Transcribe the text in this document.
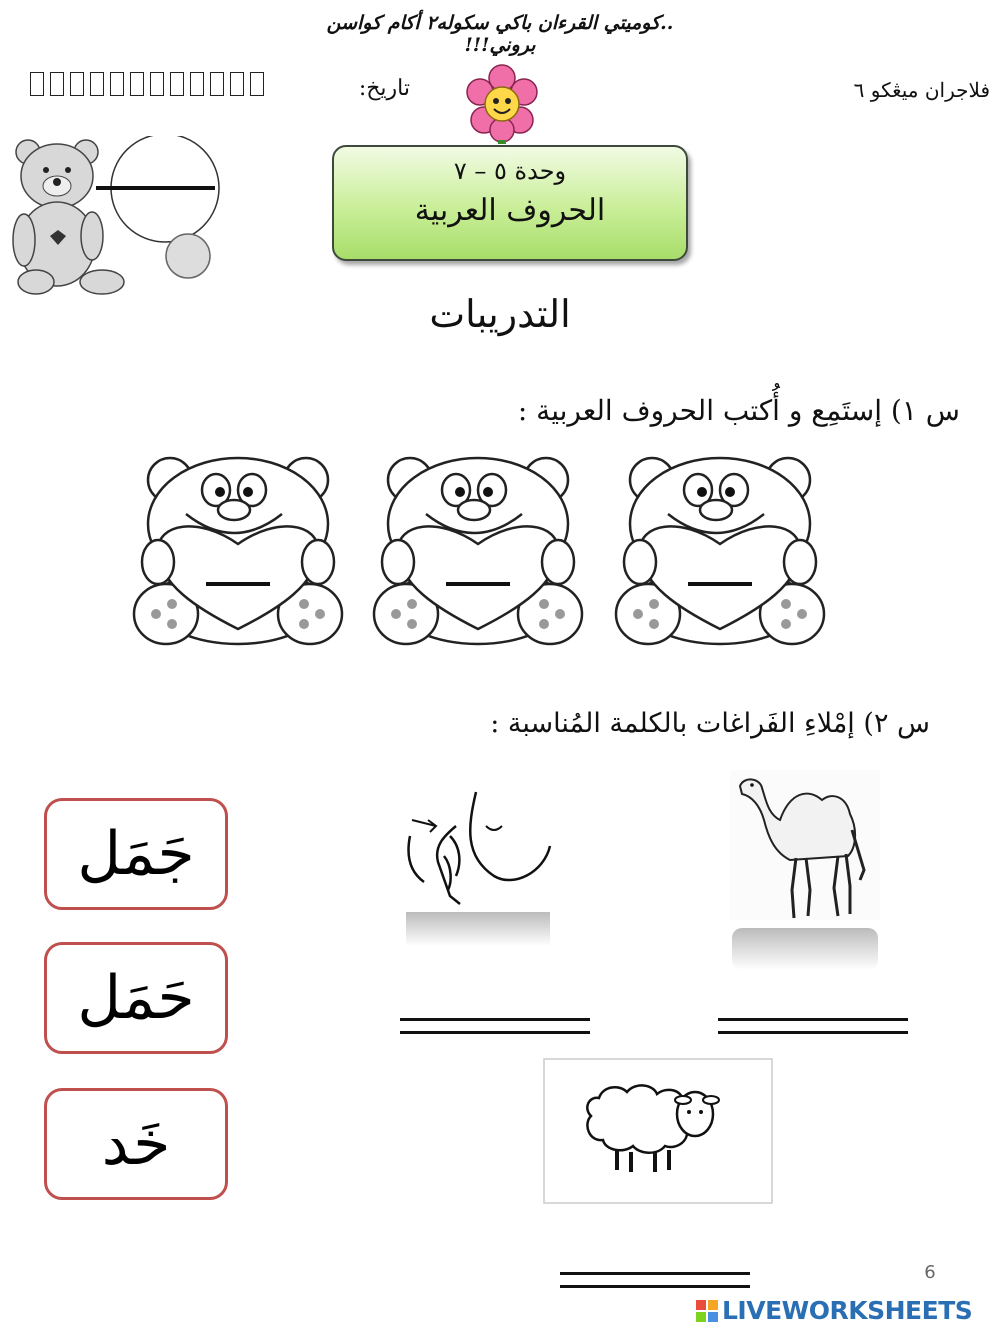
..كوميتي القرءان باكي سكوله٢ أكام كواسن بروني!!!
تاريخ:	فلاجران ميڠكو ٦
وحدة ٥ – ٧
الحروف العربية
التدريبات
س ١) إستَمِع و أُكتب الحروف العربية :
س ٢) إمْلاءِ الفَراغات بالكلمة المُناسبة :
جَمَل
حَمَل
خَد
6
LIVEWORKSHEETS
